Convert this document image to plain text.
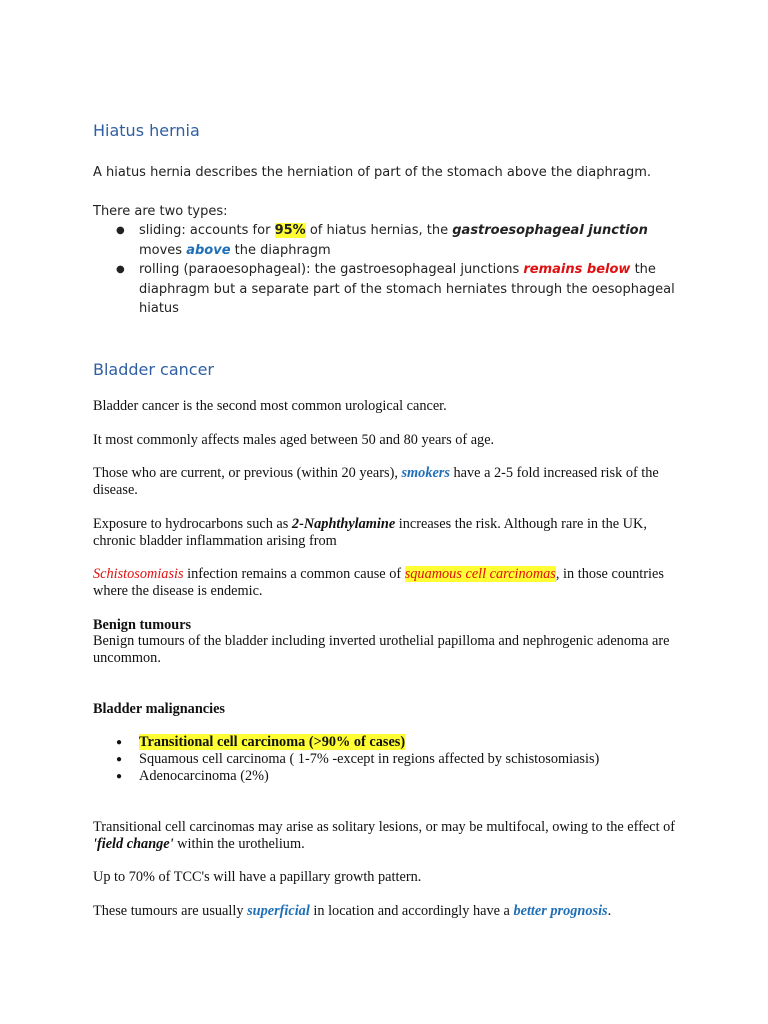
Hiatus hernia

A hiatus hernia describes the herniation of part of the stomach above the diaphragm.

There are two types:

● sliding: accounts for 95% of hiatus hernias, the gastroesophageal junction moves above the diaphragm
● rolling (paraoesophageal): the gastroesophageal junctions remains below the diaphragm but a separate part of the stomach herniates through the oesophageal hiatus
Bladder cancer

Bladder cancer is the second most common urological cancer.

It most commonly affects males aged between 50 and 80 years of age.

Those who are current, or previous (within 20 years), smokers have a 2-5 fold increased risk of the disease.

Exposure to hydrocarbons such as 2-Naphthylamine increases the risk. Although rare in the UK, chronic bladder inflammation arising from

Schistosomiasis infection remains a common cause of squamous cell carcinomas, in those countries where the disease is endemic.

Benign tumours

Benign tumours of the bladder including inverted urothelial papilloma and nephrogenic adenoma are uncommon.

Bladder malignancies

● Transitional cell carcinoma (>90% of cases)
● Squamous cell carcinoma ( 1-7% -except in regions affected by schistosomiasis)
● Adenocarcinoma (2%)

Transitional cell carcinomas may arise as solitary lesions, or may be multifocal, owing to the effect of 'field change' within the urothelium.

Up to 70% of TCC's will have a papillary growth pattern.

These tumours are usually superficial in location and accordingly have a better prognosis.
